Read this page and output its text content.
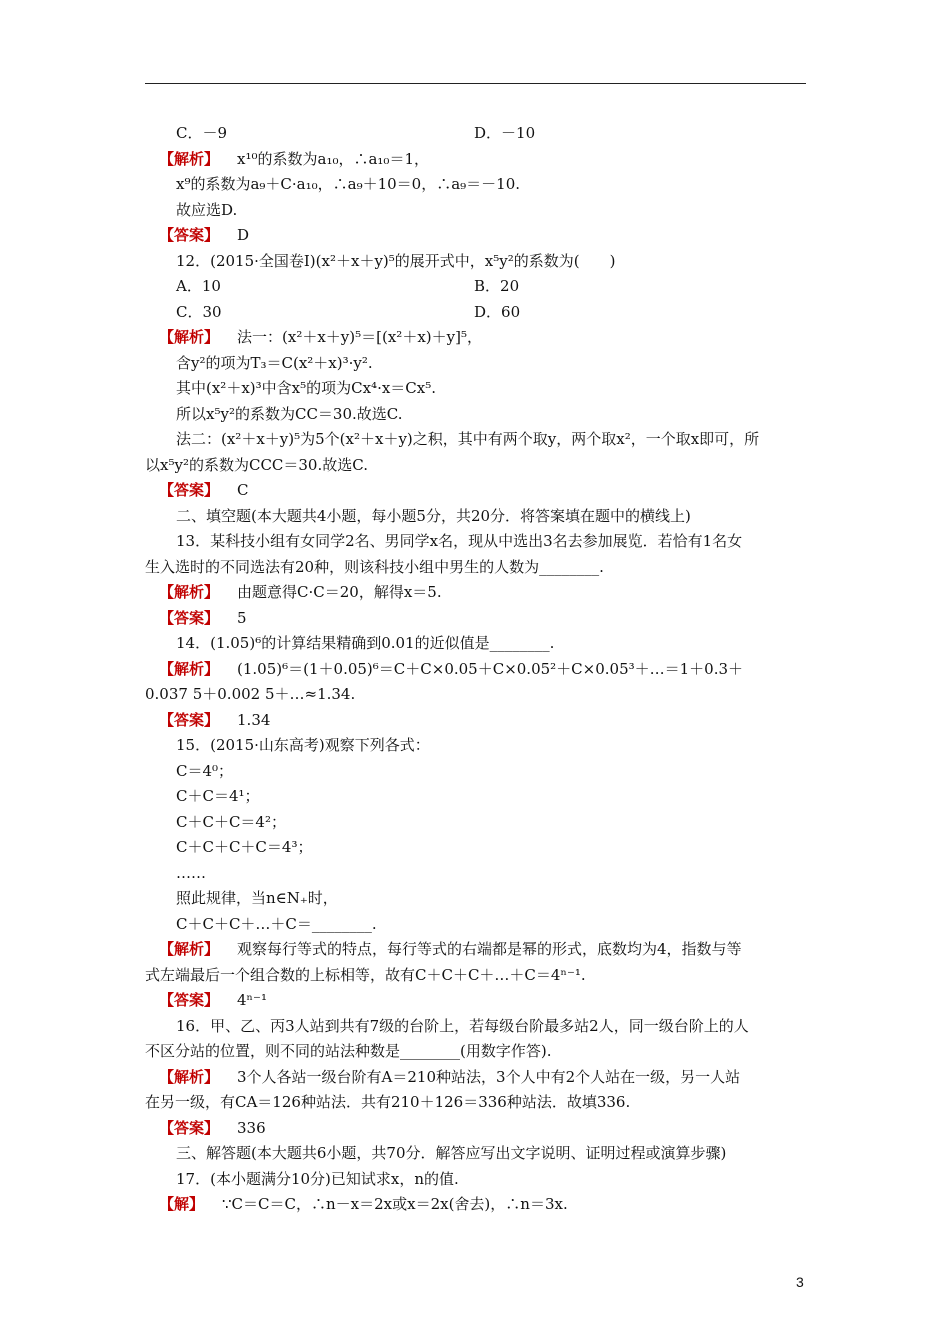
C．－9	D．－10
【解析】 x¹⁰的系数为a₁₀，∴a₁₀＝1，
x⁹的系数为a₉＋C·a₁₀，∴a₉＋10＝0，∴a₉＝－10.
故应选D.
【答案】 D
12．(2015·全国卷Ⅰ)(x²＋x＋y)⁵的展开式中，x⁵y²的系数为(　　)
A．10	B．20
C．30	D．60
【解析】 法一：(x²＋x＋y)⁵＝[(x²＋x)＋y]⁵，
含y²的项为T₃＝C(x²＋x)³·y².
其中(x²＋x)³中含x⁵的项为Cx⁴·x＝Cx⁵.
所以x⁵y²的系数为CC＝30.故选C.
法二：(x²＋x＋y)⁵为5个(x²＋x＋y)之积，其中有两个取y，两个取x²，一个取x即可，所
以x⁵y²的系数为CCC＝30.故选C.
【答案】 C
二、填空题(本大题共4小题，每小题5分，共20分．将答案填在题中的横线上)
13．某科技小组有女同学2名、男同学x名，现从中选出3名去参加展览．若恰有1名女
生入选时的不同选法有20种，则该科技小组中男生的人数为________.
【解析】 由题意得C·C＝20，解得x＝5.
【答案】 5
14．(1.05)⁶的计算结果精确到0.01的近似值是________.
【解析】 (1.05)⁶＝(1＋0.05)⁶＝C＋C×0.05＋C×0.05²＋C×0.05³＋…＝1＋0.3＋
0.037 5＋0.002 5＋…≈1.34.
【答案】 1.34
15．(2015·山东高考)观察下列各式：
C＝4⁰；
C＋C＝4¹；
C＋C＋C＝4²；
C＋C＋C＋C＝4³；
……
照此规律，当n∈N₊时，
C＋C＋C＋…＋C＝________.
【解析】 观察每行等式的特点，每行等式的右端都是幂的形式，底数均为4，指数与等
式左端最后一个组合数的上标相等，故有C＋C＋C＋…＋C＝4ⁿ⁻¹.
【答案】 4ⁿ⁻¹
16．甲、乙、丙3人站到共有7级的台阶上，若每级台阶最多站2人，同一级台阶上的人
不区分站的位置，则不同的站法种数是________(用数字作答).
【解析】 3个人各站一级台阶有A＝210种站法，3个人中有2个人站在一级，另一人站
在另一级，有CA＝126种站法．共有210＋126＝336种站法．故填336.
【答案】 336
三、解答题(本大题共6小题，共70分．解答应写出文字说明、证明过程或演算步骤)
17．(本小题满分10分)已知试求x，n的值.
【解】 ∵C＝C＝C，∴n－x＝2x或x＝2x(舍去)，∴n＝3x.
3
